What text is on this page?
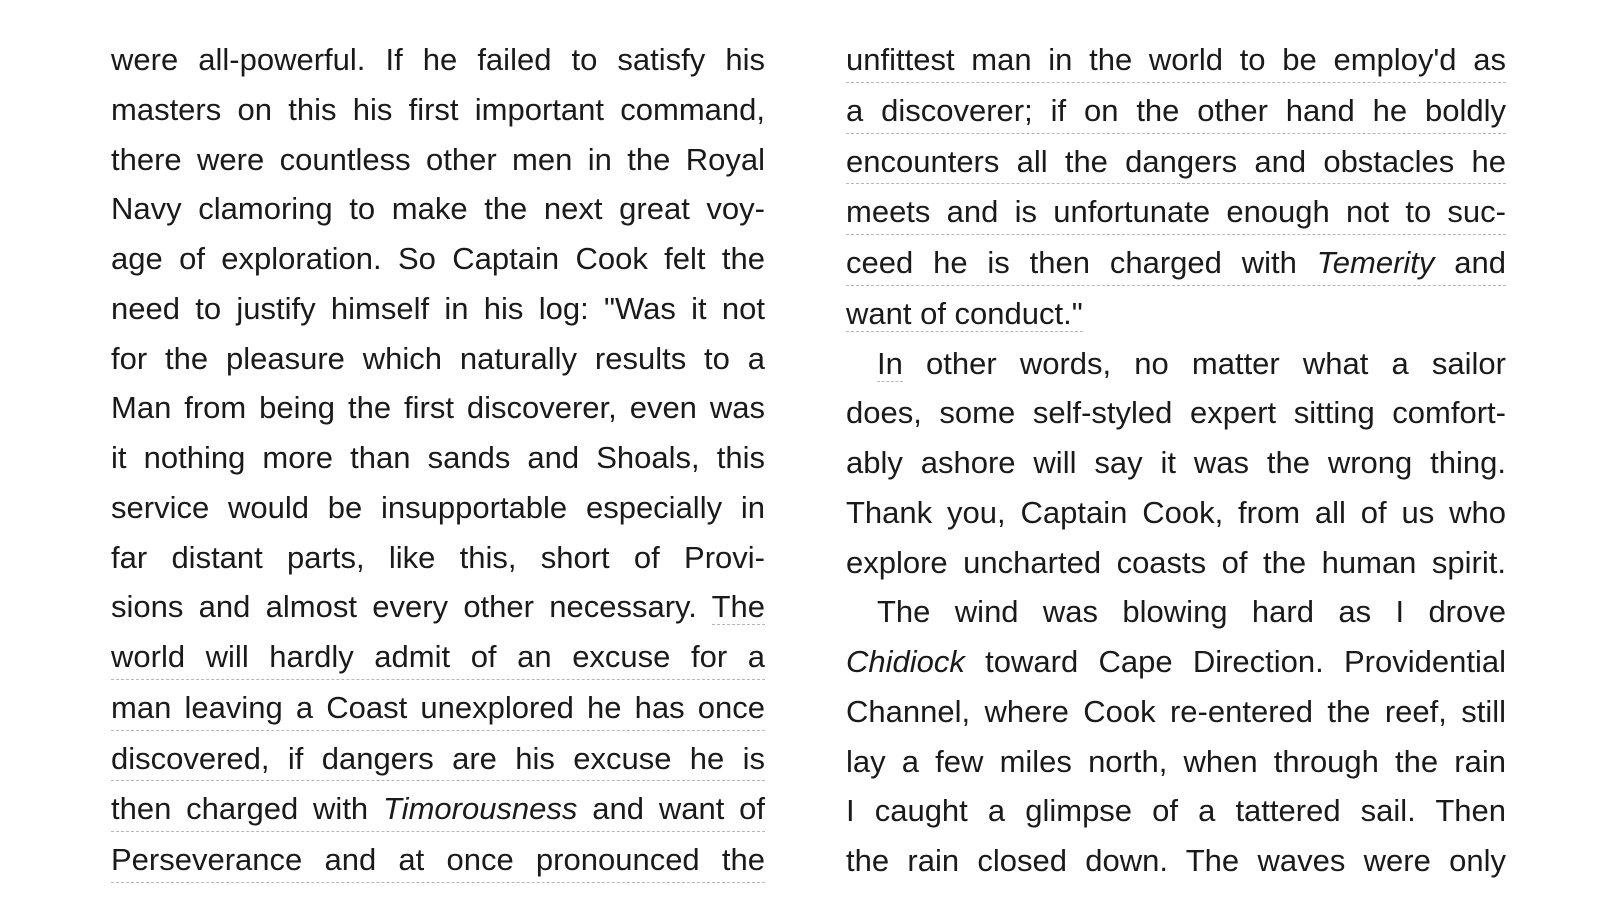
were all-powerful. If he failed to satisfy his
masters on this his first important command,
there were countless other men in the Royal
Navy clamoring to make the next great voy-
age of exploration. So Captain Cook felt the
need to justify himself in his log: "Was it not
for the pleasure which naturally results to a
Man from being the first discoverer, even was
it nothing more than sands and Shoals, this
service would be insupportable especially in
far distant parts, like this, short of Provi-
sions and almost every other necessary. The
world will hardly admit of an excuse for a
man leaving a Coast unexplored he has once
discovered, if dangers are his excuse he is
then charged with Timorousness and want of
Perseverance and at once pronounced the
unfittest man in the world to be employ'd as
a discoverer; if on the other hand he boldly
encounters all the dangers and obstacles he
meets and is unfortunate enough not to suc-
ceed he is then charged with Temerity and
want of conduct."
In other words, no matter what a sailor
does, some self-styled expert sitting comfort-
ably ashore will say it was the wrong thing.
Thank you, Captain Cook, from all of us who
explore uncharted coasts of the human spirit.
The wind was blowing hard as I drove
Chidiock toward Cape Direction. Providential
Channel, where Cook re-entered the reef, still
lay a few miles north, when through the rain
I caught a glimpse of a tattered sail. Then
the rain closed down. The waves were only
